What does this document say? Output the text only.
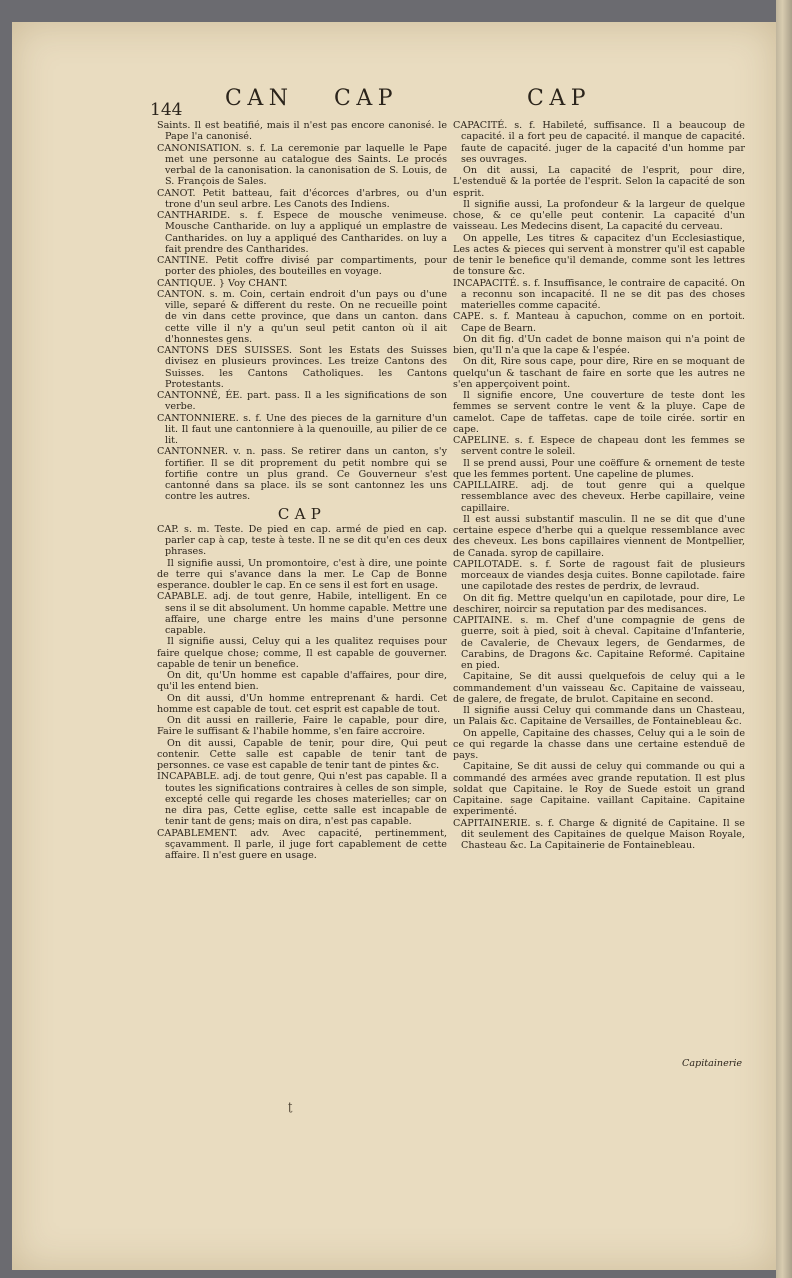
144 CAN CAP	CAP

Saints. Il est beatifié, mais il n'est pas encore canonisé. le Pape l'a canonisé.

CANONISATION. s. f. La ceremonie par laquelle le Pape met une personne au catalogue des Saints. Le procés verbal de la canonisation. la canonisation de S. Louis, de S. François de Sales.

CANOT. Petit batteau, fait d'écorces d'arbres, ou d'un trone d'un seul arbre. Les Canots des Indiens.

CANTHARIDE. s. f. Espece de mousche venimeuse. Mousche Cantharide. on luy a appliqué un emplastre de Cantharides. on luy a appliqué des Cantharides. on luy a fait prendre des Cantharides.

CANTINE. Petit coffre divisé par compartiments, pour porter des phioles, des bouteilles en voyage.

CANTIQUE. } Voy CHANT.

CANTON. s. m. Coin, certain endroit d'un pays ou d'une ville, separé & different du reste. On ne recueille point de vin dans cette province, que dans un canton. dans cette ville il n'y a qu'un seul petit canton où il ait d'honnestes gens.

CANTONS DES SUISSES. Sont les Estats des Suisses divisez en plusieurs provinces. Les treize Cantons des Suisses. les Cantons Catholiques. les Cantons Protestants.

CANTONNÉ, ÉE. part. pass. Il a les significations de son verbe.

CANTONNIERE. s. f. Une des pieces de la garniture d'un lit. Il faut une cantonniere à la quenouille, au pilier de ce lit.

CANTONNER. v. n. pass. Se retirer dans un canton, s'y fortifier. Il se dit proprement du petit nombre qui se fortifie contre un plus grand. Ce Gouverneur s'est cantonné dans sa place. ils se sont cantonnez les uns contre les autres.

CAP

CAP. s. m. Teste. De pied en cap. armé de pied en cap. parler cap à cap, teste à teste. Il ne se dit qu'en ces deux phrases.

Il signifie aussi, Un promontoire, c'est à dire, une pointe de terre qui s'avance dans la mer. Le Cap de Bonne esperance. doubler le cap. En ce sens il est fort en usage.

CAPABLE. adj. de tout genre, Habile, intelligent. En ce sens il se dit absolument. Un homme capable. Mettre une affaire, une charge entre les mains d'une personne capable.

Il signifie aussi, Celuy qui a les qualitez requises pour faire quelque chose; comme, Il est capable de gouverner. capable de tenir un benefice.

On dit, qu'Un homme est capable d'affaires, pour dire, qu'il les entend bien.

On dit aussi, d'Un homme entreprenant & hardi. Cet homme est capable de tout. cet esprit est capable de tout.

On dit aussi en raillerie, Faire le capable, pour dire, Faire le suffisant & l'habile homme, s'en faire accroire.

On dit aussi, Capable de tenir, pour dire, Qui peut contenir. Cette salle est capable de tenir tant de personnes. ce vase est capable de tenir tant de pintes &c.

INCAPABLE. adj. de tout genre, Qui n'est pas capable. Il a toutes les significations contraires à celles de son simple, excepté celle qui regarde les choses materielles; car on ne dira pas, Cette eglise, cette salle est incapable de tenir tant de gens; mais on dira, n'est pas capable.

CAPABLEMENT. adv. Avec capacité, pertinemment, sçavamment. Il parle, il juge fort capablement de cette affaire. Il n'est guere en usage.

CAPACITÉ. s. f. Habileté, suffisance. Il a beaucoup de capacité. il a fort peu de capacité. il manque de capacité. faute de capacité. juger de la capacité d'un homme par ses ouvrages.

On dit aussi, La capacité de l'esprit, pour dire, L'estenduë & la portée de l'esprit. Selon la capacité de son esprit.

Il signifie aussi, La profondeur & la largeur de quelque chose, & ce qu'elle peut contenir. La capacité d'un vaisseau. Les Medecins disent, La capacité du cerveau.

On appelle, Les titres & capacitez d'un Ecclesiastique, Les actes & pieces qui servent à monstrer qu'il est capable de tenir le benefice qu'il demande, comme sont les lettres de tonsure &c.

INCAPACITÉ. s. f. Insuffisance, le contraire de capacité. On a reconnu son incapacité. Il ne se dit pas des choses materielles comme capacité.

CAPE. s. f. Manteau à capuchon, comme on en portoit. Cape de Bearn.

On dit fig. d'Un cadet de bonne maison qui n'a point de bien, qu'Il n'a que la cape & l'espée.

On dit, Rire sous cape, pour dire, Rire en se moquant de quelqu'un & taschant de faire en sorte que les autres ne s'en apperçoivent point.

Il signifie encore, Une couverture de teste dont les femmes se servent contre le vent & la pluye. Cape de camelot. Cape de taffetas. cape de toile cirée. sortir en cape.

CAPELINE. s. f. Espece de chapeau dont les femmes se servent contre le soleil.

Il se prend aussi, Pour une coëffure & ornement de teste que les femmes portent. Une capeline de plumes.

CAPILLAIRE. adj. de tout genre qui a quelque ressemblance avec des cheveux. Herbe capillaire, veine capillaire.

Il est aussi substantif masculin. Il ne se dit que d'une certaine espece d'herbe qui a quelque ressemblance avec des cheveux. Les bons capillaires viennent de Montpellier, de Canada. syrop de capillaire.

CAPILOTADE. s. f. Sorte de ragoust fait de plusieurs morceaux de viandes desja cuites. Bonne capilotade. faire une capilotade des restes de perdrix, de levraud.

On dit fig. Mettre quelqu'un en capilotade, pour dire, Le deschirer, noircir sa reputation par des medisances.

CAPITAINE. s. m. Chef d'une compagnie de gens de guerre, soit à pied, soit à cheval. Capitaine d'Infanterie, de Cavalerie, de Chevaux legers, de Gendarmes, de Carabins, de Dragons &c. Capitaine Reformé. Capitaine en pied.

Capitaine, Se dit aussi quelquefois de celuy qui a le commandement d'un vaisseau &c. Capitaine de vaisseau, de galere, de fregate, de brulot. Capitaine en second.

Il signifie aussi Celuy qui commande dans un Chasteau, un Palais &c. Capitaine de Versailles, de Fontainebleau &c.

On appelle, Capitaine des chasses, Celuy qui a le soin de ce qui regarde la chasse dans une certaine estenduë de pays.

Capitaine, Se dit aussi de celuy qui commande ou qui a commandé des armées avec grande reputation. Il est plus soldat que Capitaine. le Roy de Suede estoit un grand Capitaine. sage Capitaine. vaillant Capitaine. Capitaine experimenté.

CAPITAINERIE. s. f. Charge & dignité de Capitaine. Il se dit seulement des Capitaines de quelque Maison Royale, Chasteau &c. La Capitainerie de Fontainebleau.

Capitainerie
ʈ
